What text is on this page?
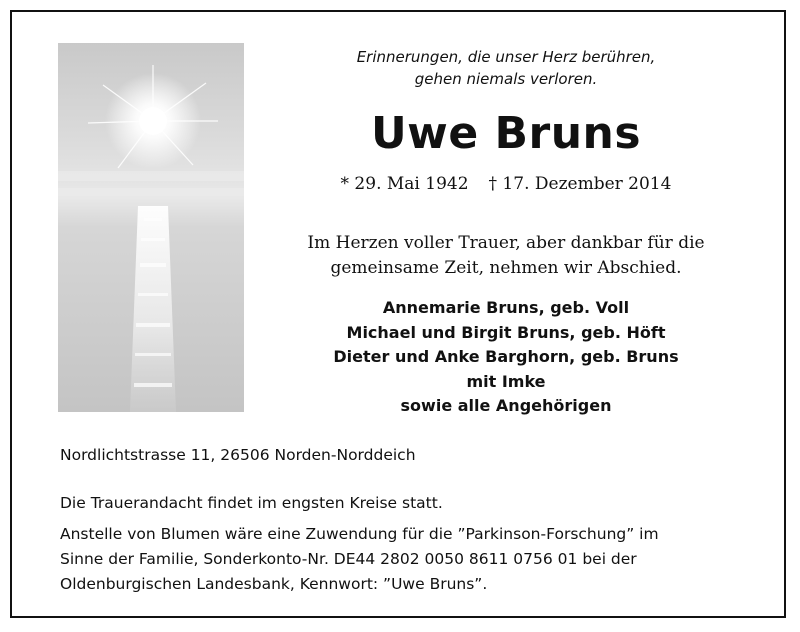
Erinnerungen, die unser Herz berühren,
gehen niemals verloren.
Uwe Bruns
* 29. Mai 1942 † 17. Dezember 2014
Im Herzen voller Trauer, aber dankbar für die
gemeinsame Zeit, nehmen wir Abschied.
Annemarie Bruns, geb. Voll
Michael und Birgit Bruns, geb. Höft
Dieter und Anke Barghorn, geb. Bruns
mit Imke
sowie alle Angehörigen
Nordlichtstrasse 11, 26506 Norden-Norddeich
Die Trauerandacht findet im engsten Kreise statt.
Anstelle von Blumen wäre eine Zuwendung für die ”Parkinson-Forschung” im
Sinne der Familie, Sonderkonto-Nr. DE44 2802 0050 8611 0756 01 bei der
Oldenburgischen Landesbank, Kennwort: ”Uwe Bruns”.
